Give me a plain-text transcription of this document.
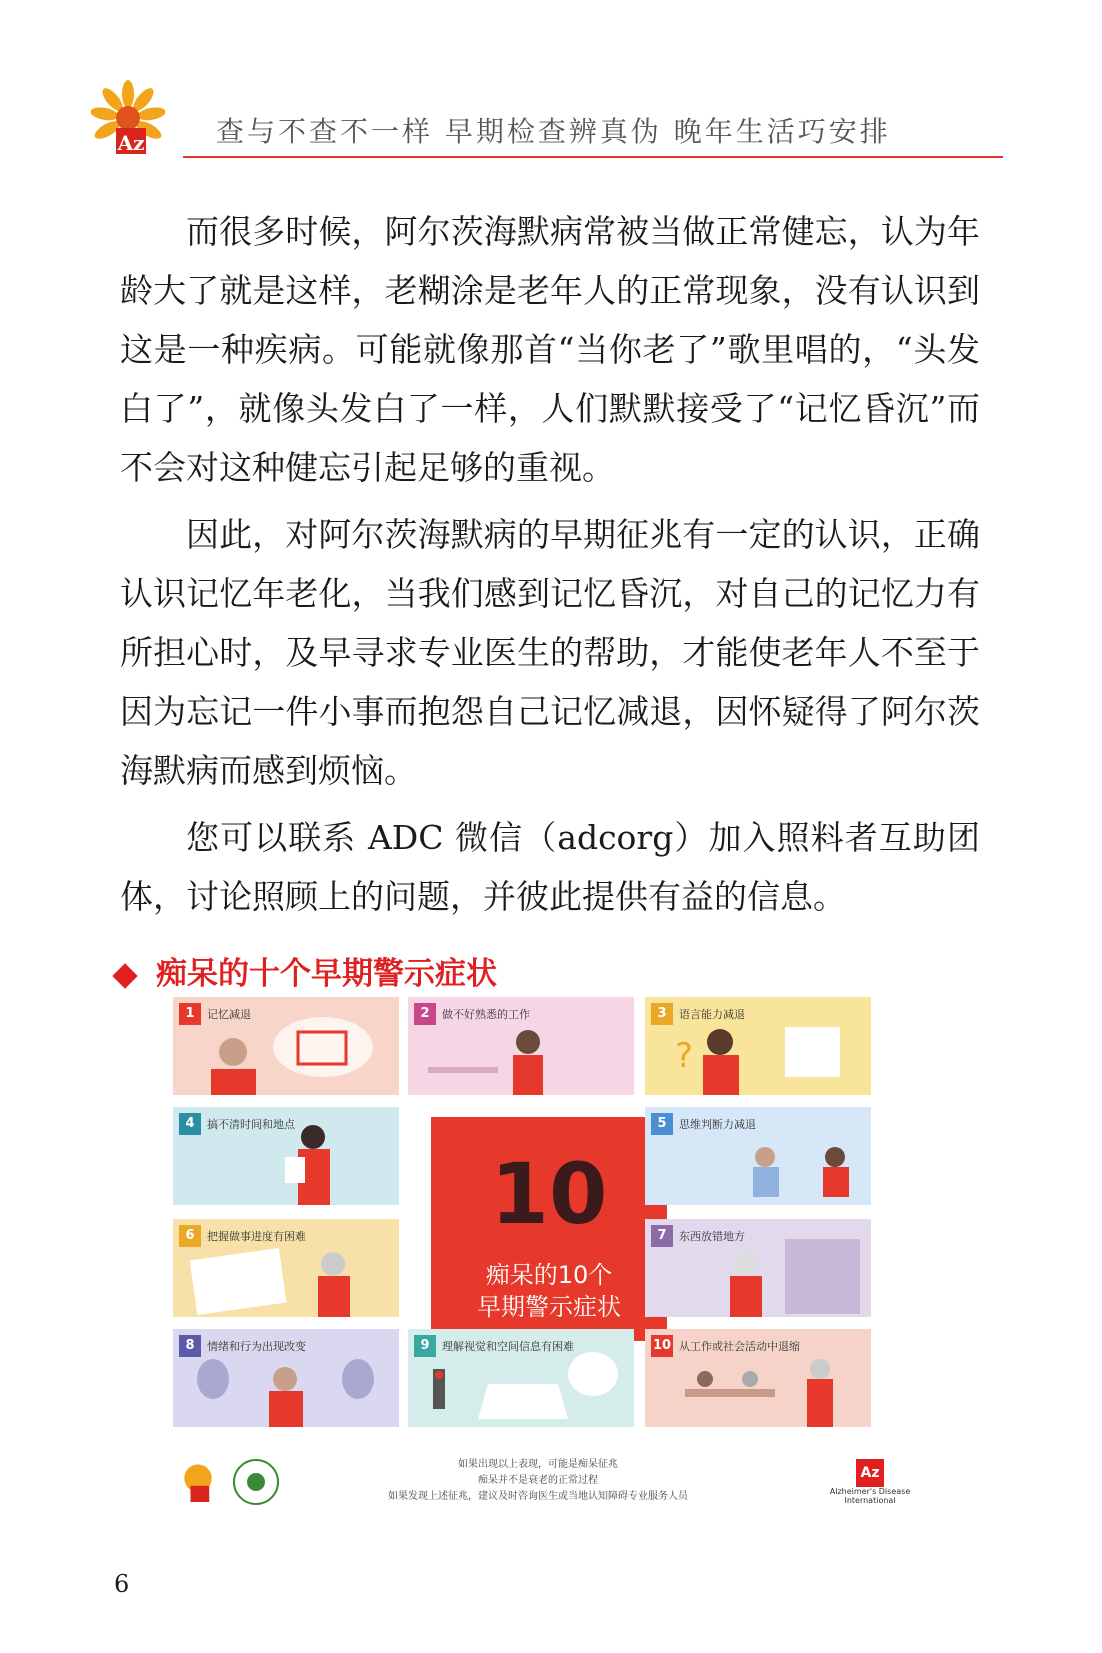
Az	查与不查不一样 早期检查辨真伪 晚年生活巧安排

而很多时候，阿尔茨海默病常被当做正常健忘，认为年龄大了就是这样，老糊涂是老年人的正常现象，没有认识到这是一种疾病。可能就像那首“当你老了”歌里唱的，“头发白了”，就像头发白了一样，人们默默接受了“记忆昏沉”而不会对这种健忘引起足够的重视。

因此，对阿尔茨海默病的早期征兆有一定的认识，正确认识记忆年老化，当我们感到记忆昏沉，对自己的记忆力有所担心时，及早寻求专业医生的帮助，才能使老年人不至于因为忘记一件小事而抱怨自己记忆减退，因怀疑得了阿尔茨海默病而感到烦恼。

您可以联系 ADC 微信（adcorg）加入照料者互助团体，讨论照顾上的问题，并彼此提供有益的信息。

痴呆的十个早期警示症状
1	记忆减退	2	做不好熟悉的工作	3	语言能力减退
?
4	搞不清时间和地点
10
痴呆的10个
早期警示症状
5	思维判断力减退
6	把握做事进度有困难	7	东西放错地方
8	情绪和行为出现改变	9	理解视觉和空间信息有困难	10 从工作或社会活动中退缩
如果出现以上表现，可能是痴呆征兆
痴呆并不是衰老的正常过程
如果发现上述征兆，建议及时咨询医生或当地认知障碍专业服务人员
Az
Alzheimer's Disease International
6
